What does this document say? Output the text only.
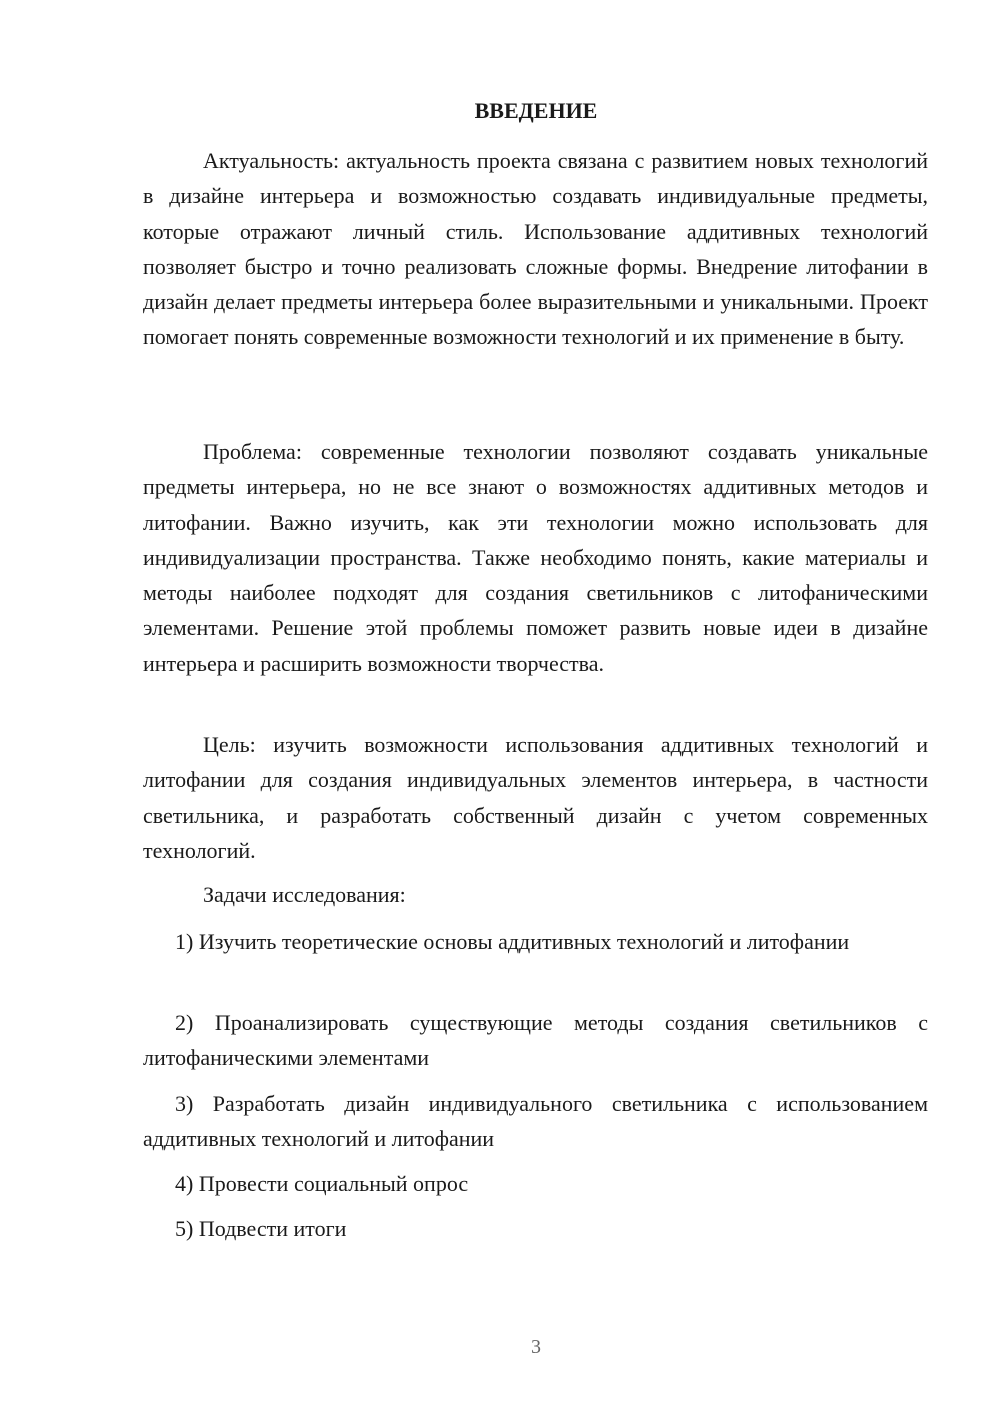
ВВЕДЕНИЕ

Актуальность: актуальность проекта связана с развитием новых технологий в дизайне интерьера и возможностью создавать индивидуальные предметы, которые отражают личный стиль. Использование аддитивных технологий позволяет быстро и точно реализовать сложные формы. Внедрение литофании в дизайн делает предметы интерьера более выразительными и уникальными. Проект помогает понять современные возможности технологий и их применение в быту.

Проблема: современные технологии позволяют создавать уникальные предметы интерьера, но не все знают о возможностях аддитивных методов и литофании. Важно изучить, как эти технологии можно использовать для индивидуализации пространства. Также необходимо понять, какие материалы и методы наиболее подходят для создания светильников с литофаническими элементами. Решение этой проблемы поможет развить новые идеи в дизайне интерьера и расширить возможности творчества.

Цель: изучить возможности использования аддитивных технологий и литофании для создания индивидуальных элементов интерьера, в частности светильника, и разработать собственный дизайн с учетом современных технологий.

Задачи исследования:

1) Изучить теоретические основы аддитивных технологий и литофании

2) Проанализировать существующие методы создания светильников с литофаническими элементами

3) Разработать дизайн индивидуального светильника с использованием аддитивных технологий и литофании

4) Провести социальный опрос

5) Подвести итоги

3
